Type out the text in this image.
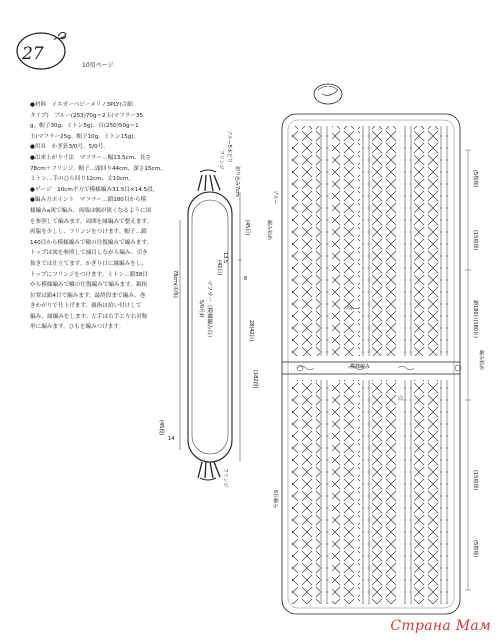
27
10页ページ

●材料　イエガーベビーメリノ3PLY(合細

タイプ)　ブルー(253)70g＝2玉(マフラー35

g、帽子30g、ミトン5g)、白(250)50g＝1

玉(マフラー25g、帽子10g、ミトン15g)。

●用具　かぎ針3/0号、5/0号。

●出来上がり寸法　マフラー…幅13.5cm、長さ

78cm＋フリンジ、帽子…頭回り44cm、深さ15cm、

ミトン…手のひら回り12cm、丈10cm。

●ゲージ　10cm平方で模様編み31.5目×14.5段。

●編み方ポイント　マフラー…鎖180目から模

様編みa図で編み、両端は幅が狭くなるように図

を参照して編みます。周囲を縁編みで整えます。

両脇を少しし、フリンジをつけます。帽子…鎖

140目から模様編みで輪の往復編みで編みます。

トップは図を参照して減目しながら編み、引き

抜きでは仕立てます。かぎり口に縁編みをし、

トップにフリンジをつけます。ミトン…鎖38目

から模様編みで輪の往復編みで編みます。親指

位置は鎖4目で編みます。最終段まで編み、巻

きかがりで仕上げます。親指は拾い付けして

編み、縁編みをします。左手は右手と左右対称

形に編みます。ひもを編みつけます。

フリンジ ブルー5本どり
切り込み7cm
13.5
(42目)
(45目)
マフラー（模様編み白）
5/0号針
78cm(本体)
28(42目)
6
(182段)
14
(45段)
フリンジ
ブルー
編み始め
5目編み
(5模様)
(15模様)
編み始め
鎖180目(180目)
(15模様)
(5模様)
模様編み
ブルー
白
Страна Мам
